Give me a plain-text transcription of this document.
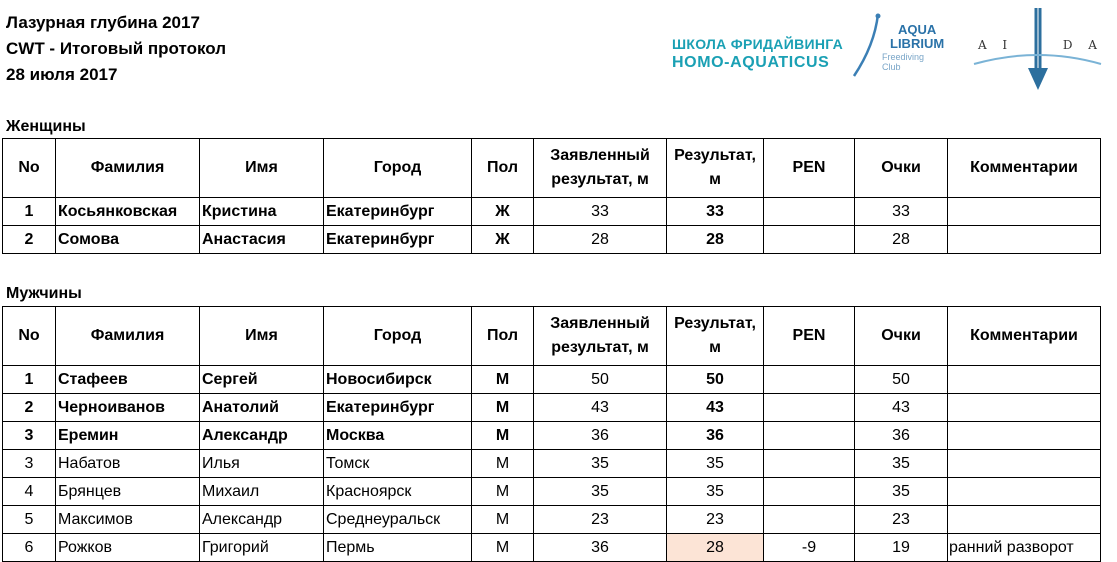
Лазурная глубина 2017
CWT - Итоговый протокол
28 июля 2017
ШКОЛА ФРИДАЙВИНГА
HOMO-AQUATICUS
AQUA
LIBRIUM
Freediving
Club
A I	D A
Женщины
No	Фамилия	Имя	Город	Пол	Заявленный результат, м	Результат, м	PEN	Очки	Комментарии
1	Косьянковская	Кристина	Екатеринбург	Ж	33	33		33	
2	Сомова	Анастасия	Екатеринбург	Ж	28	28		28	
Мужчины
No	Фамилия	Имя	Город	Пол	Заявленный результат, м	Результат, м	PEN	Очки	Комментарии
1	Стафеев	Сергей	Новосибирск	М	50	50		50	
2	Черноиванов	Анатолий	Екатеринбург	М	43	43		43	
3	Еремин	Александр	Москва	М	36	36		36	
3	Набатов	Илья	Томск	М	35	35		35	
4	Брянцев	Михаил	Красноярск	М	35	35		35	
5	Максимов	Александр	Среднеуральск	М	23	23		23	
6	Рожков	Григорий	Пермь	М	36	28	-9	19	ранний разворот
